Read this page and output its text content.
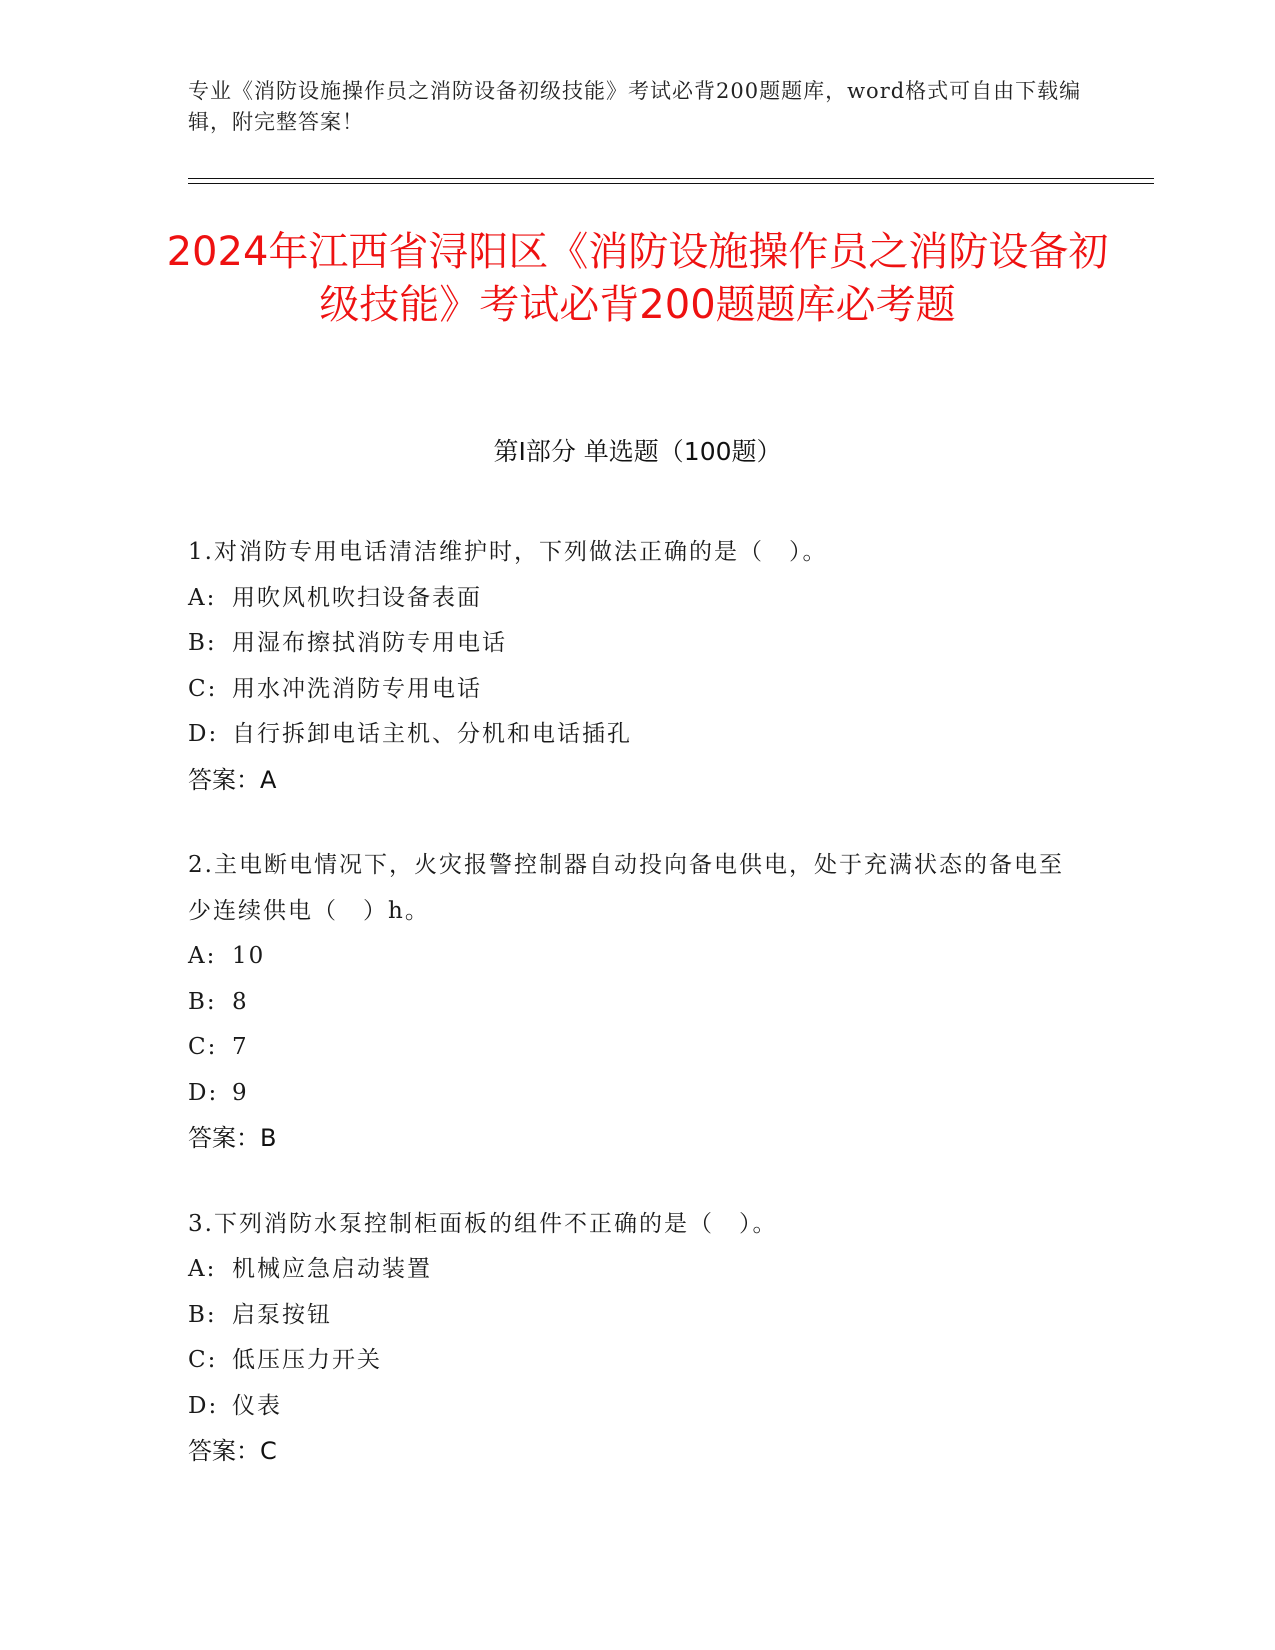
专业《消防设施操作员之消防设备初级技能》考试必背200题题库，word格式可自由下载编辑，附完整答案！
2024年江西省浔阳区《消防设施操作员之消防设备初级技能》考试必背200题题库必考题
第Ⅰ部分 单选题（100题）

1.对消防专用电话清洁维护时，下列做法正确的是（　）。

A: 用吹风机吹扫设备表面

B: 用湿布擦拭消防专用电话

C: 用水冲洗消防专用电话

D: 自行拆卸电话主机、分机和电话插孔

答案：A

2.主电断电情况下，火灾报警控制器自动投向备电供电，处于充满状态的备电至少连续供电（　）h。

A: 10

B: 8

C: 7

D: 9

答案：B

3.下列消防水泵控制柜面板的组件不正确的是（　）。

A: 机械应急启动装置

B: 启泵按钮

C: 低压压力开关

D: 仪表

答案：C
